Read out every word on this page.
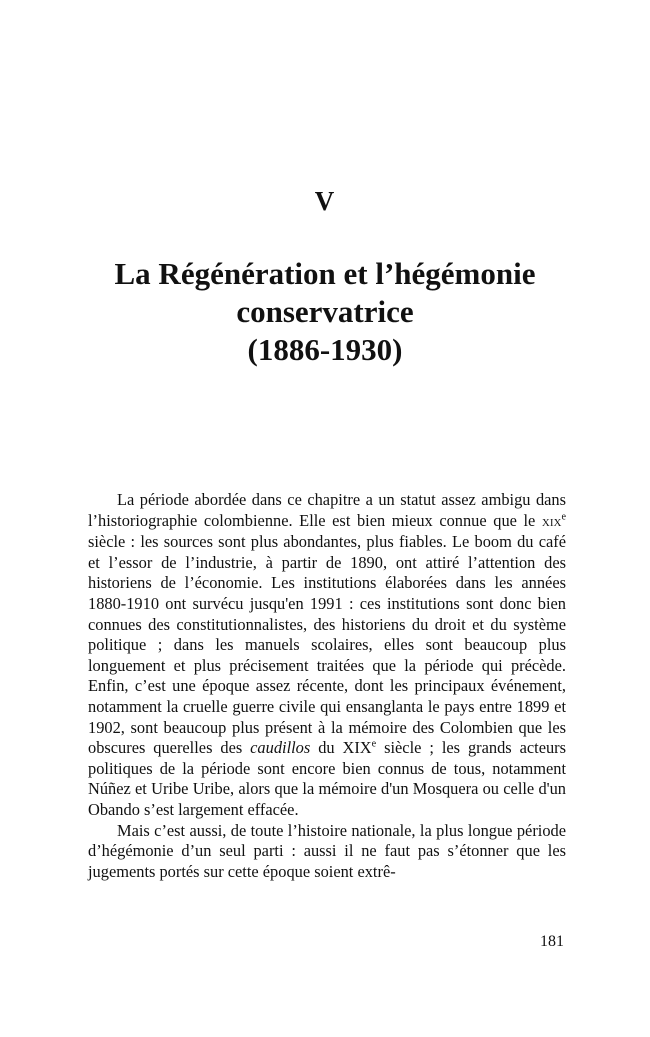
V
La Régénération et l’hégémonie
conservatrice
(1886-1930)

La période abordée dans ce chapitre a un statut assez ambigu dans l’historiographie colombienne. Elle est bien mieux connue que le xix$^e$ siècle : les sources sont plus abondantes, plus fiables. Le boom du café et l’essor de l’industrie, à partir de 1890, ont attiré l’attention des historiens de l’économie. Les institutions élaborées dans les années 1880-1910 ont survécu jusqu'en 1991 : ces institutions sont donc bien connues des constitutionnalistes, des historiens du droit et du système politique ; dans les manuels scolaires, elles sont beaucoup plus longuement et plus précisement traitées que la période qui précède. Enfin, c’est une époque assez récente, dont les principaux événement, notamment la cruelle guerre civile qui ensanglanta le pays entre 1899 et 1902, sont beaucoup plus présent à la mémoire des Colombien que les obscures querelles des caudillos du XIXe siècle ; les grands acteurs politiques de la période sont encore bien connus de tous, notamment Núñez et Uribe Uribe, alors que la mémoire d'un Mosquera ou celle d'un Obando s’est largement effacée.

Mais c’est aussi, de toute l’histoire nationale, la plus longue période d’hégémonie d’un seul parti : aussi il ne faut pas s’étonner que les jugements portés sur cette époque soient extrê-

181
